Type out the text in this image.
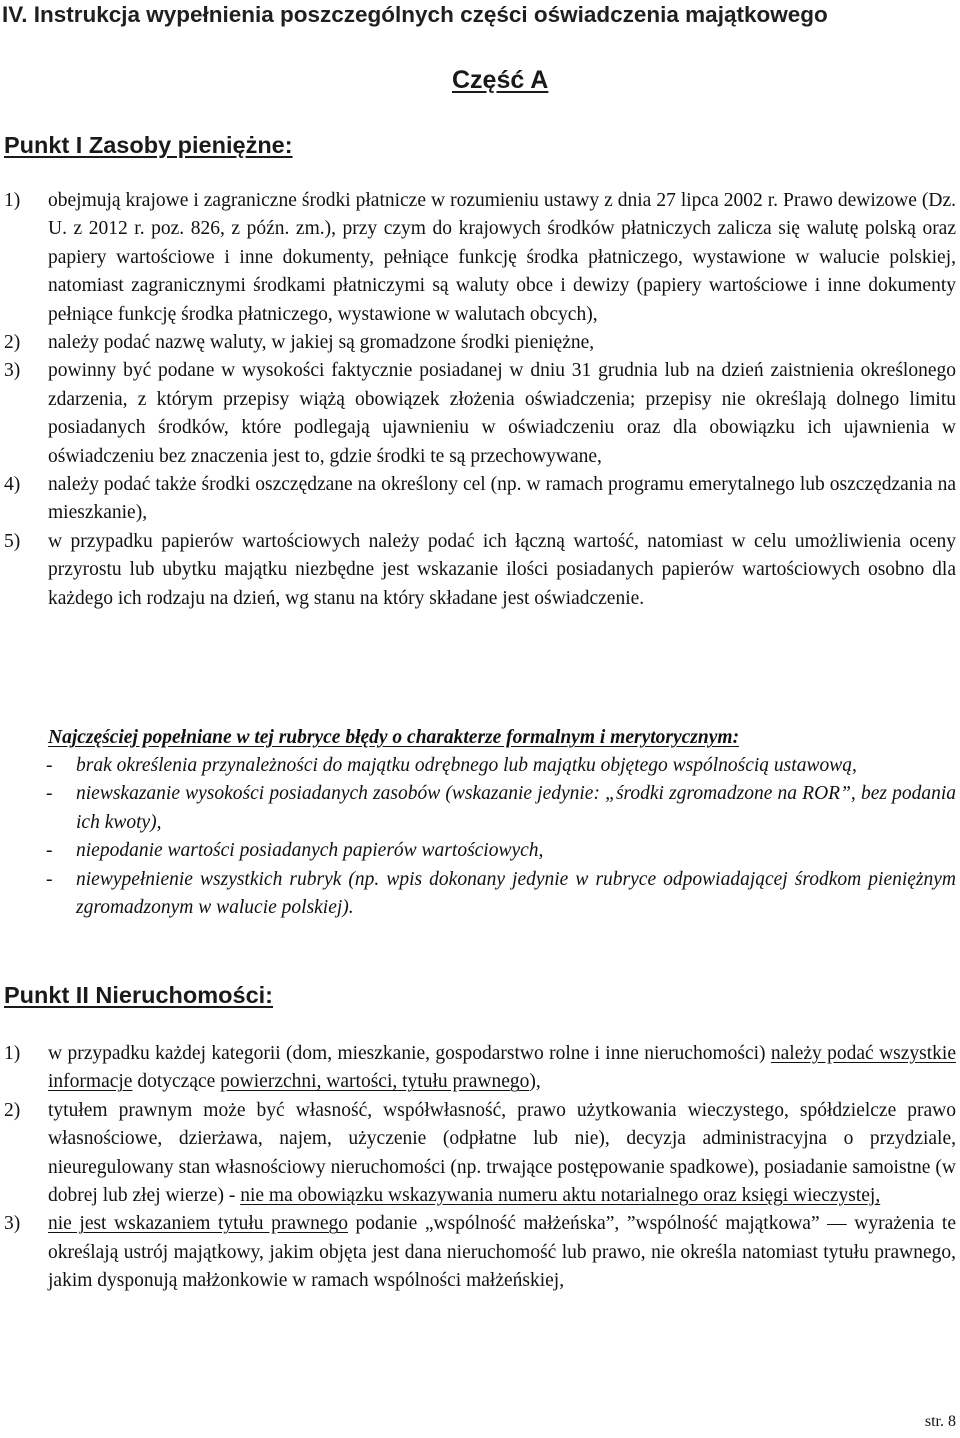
IV. Instrukcja wypełnienia poszczególnych części oświadczenia majątkowego
Część A
Punkt I Zasoby pieniężne:
1) obejmują krajowe i zagraniczne środki płatnicze w rozumieniu ustawy z dnia 27 lipca 2002 r. Prawo dewizowe (Dz. U. z 2012 r. poz. 826, z późn. zm.), przy czym do krajowych środków płatniczych zalicza się walutę polską oraz papiery wartościowe i inne dokumenty, pełniące funkcję środka płatniczego, wystawione w walucie polskiej, natomiast zagranicznymi środkami płatniczymi są waluty obce i dewizy (papiery wartościowe i inne dokumenty pełniące funkcję środka płatniczego, wystawione w walutach obcych),
2) należy podać nazwę waluty, w jakiej są gromadzone środki pieniężne,
3) powinny być podane w wysokości faktycznie posiadanej w dniu 31 grudnia lub na dzień zaistnienia określonego zdarzenia, z którym przepisy wiążą obowiązek złożenia oświadczenia; przepisy nie określają dolnego limitu posiadanych środków, które podlegają ujawnieniu w oświadczeniu oraz dla obowiązku ich ujawnienia w oświadczeniu bez znaczenia jest to, gdzie środki te są przechowywane,
4) należy podać także środki oszczędzane na określony cel (np. w ramach programu emerytalnego lub oszczędzania na mieszkanie),
5) w przypadku papierów wartościowych należy podać ich łączną wartość, natomiast w celu umożliwienia oceny przyrostu lub ubytku majątku niezbędne jest wskazanie ilości posiadanych papierów wartościowych osobno dla każdego ich rodzaju na dzień, wg stanu na który składane jest oświadczenie.

Najczęściej popełniane w tej rubryce błędy o charakterze formalnym i merytorycznym:

- brak określenia przynależności do majątku odrębnego lub majątku objętego wspólnością ustawową,
- niewskazanie wysokości posiadanych zasobów (wskazanie jedynie: „środki zgromadzone na ROR”, bez podania ich kwoty),
- niepodanie wartości posiadanych papierów wartościowych,
- niewypełnienie wszystkich rubryk (np. wpis dokonany jedynie w rubryce odpowiadającej środkom pieniężnym zgromadzonym w walucie polskiej).
Punkt II Nieruchomości:
1) w przypadku każdej kategorii (dom, mieszkanie, gospodarstwo rolne i inne nieruchomości) należy podać wszystkie informacje dotyczące powierzchni, wartości, tytułu prawnego),
2) tytułem prawnym może być własność, współwłasność, prawo użytkowania wieczystego, spółdzielcze prawo własnościowe, dzierżawa, najem, użyczenie (odpłatne lub nie), decyzja administracyjna o przydziale, nieuregulowany stan własnościowy nieruchomości (np. trwające postępowanie spadkowe), posiadanie samoistne (w dobrej lub złej wierze) - nie ma obowiązku wskazywania numeru aktu notarialnego oraz księgi wieczystej,
3) nie jest wskazaniem tytułu prawnego podanie „wspólność małżeńska”, ”wspólność majątkowa” — wyrażenia te określają ustrój majątkowy, jakim objęta jest dana nieruchomość lub prawo, nie określa natomiast tytułu prawnego, jakim dysponują małżonkowie w ramach wspólności małżeńskiej,

str. 8
